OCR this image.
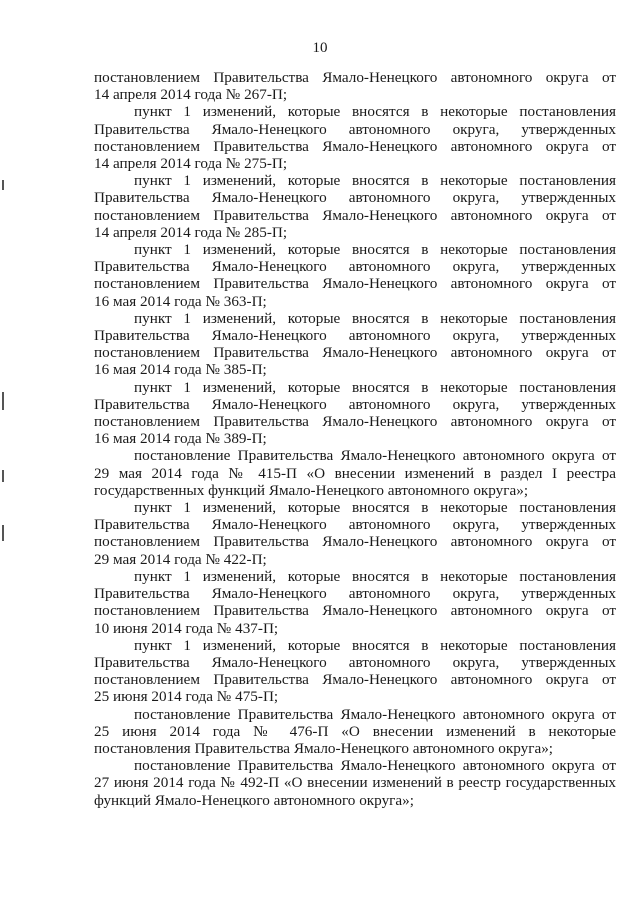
10
постановлением Правительства Ямало-Ненецкого автономного округа от
14 апреля 2014 года № 267-П;
пункт 1 изменений, которые вносятся в некоторые постановления
Правительства Ямало-Ненецкого автономного округа, утвержденных
постановлением Правительства Ямало-Ненецкого автономного округа от
14 апреля 2014 года № 275-П;
пункт 1 изменений, которые вносятся в некоторые постановления
Правительства Ямало-Ненецкого автономного округа, утвержденных
постановлением Правительства Ямало-Ненецкого автономного округа от
14 апреля 2014 года № 285-П;
пункт 1 изменений, которые вносятся в некоторые постановления
Правительства Ямало-Ненецкого автономного округа, утвержденных
постановлением Правительства Ямало-Ненецкого автономного округа от
16 мая 2014 года № 363-П;
пункт 1 изменений, которые вносятся в некоторые постановления
Правительства Ямало-Ненецкого автономного округа, утвержденных
постановлением Правительства Ямало-Ненецкого автономного округа от
16 мая 2014 года № 385-П;
пункт 1 изменений, которые вносятся в некоторые постановления
Правительства Ямало-Ненецкого автономного округа, утвержденных
постановлением Правительства Ямало-Ненецкого автономного округа от
16 мая 2014 года № 389-П;
постановление Правительства Ямало-Ненецкого автономного округа от
29 мая 2014 года № 415-П «О внесении изменений в раздел I реестра
государственных функций Ямало-Ненецкого автономного округа»;
пункт 1 изменений, которые вносятся в некоторые постановления
Правительства Ямало-Ненецкого автономного округа, утвержденных
постановлением Правительства Ямало-Ненецкого автономного округа от
29 мая 2014 года № 422-П;
пункт 1 изменений, которые вносятся в некоторые постановления
Правительства Ямало-Ненецкого автономного округа, утвержденных
постановлением Правительства Ямало-Ненецкого автономного округа от
10 июня 2014 года № 437-П;
пункт 1 изменений, которые вносятся в некоторые постановления
Правительства Ямало-Ненецкого автономного округа, утвержденных
постановлением Правительства Ямало-Ненецкого автономного округа от
25 июня 2014 года № 475-П;
постановление Правительства Ямало-Ненецкого автономного округа от
25 июня 2014 года № 476-П «О внесении изменений в некоторые
постановления Правительства Ямало-Ненецкого автономного округа»;
постановление Правительства Ямало-Ненецкого автономного округа от
27 июня 2014 года № 492-П «О внесении изменений в реестр государственных
функций Ямало-Ненецкого автономного округа»;
